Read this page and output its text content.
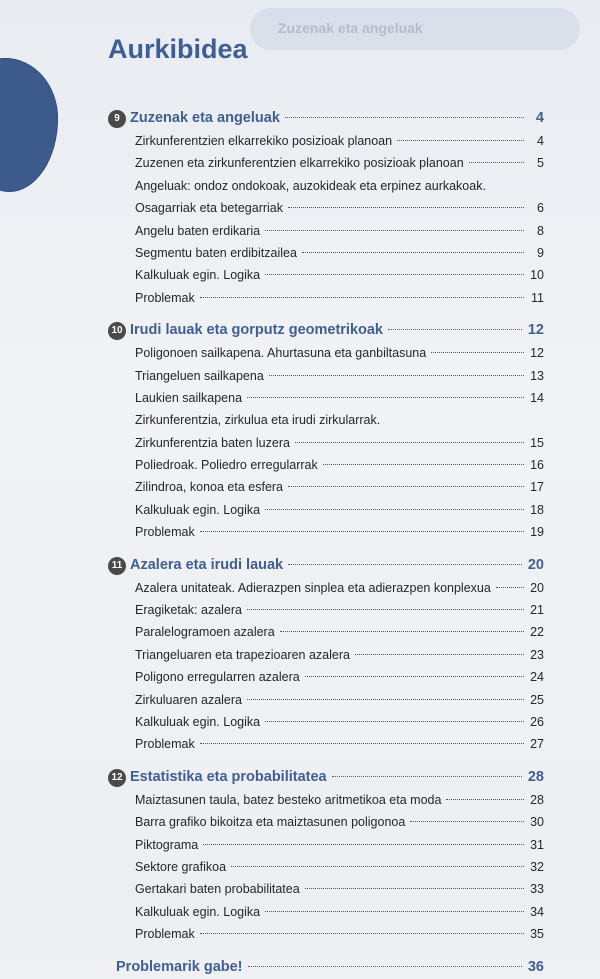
Zuzenak eta angeluak
Aurkibidea
9 Zuzenak eta angeluak	4
Zirkunferentzien elkarrekiko posizioak planoan	4
Zuzenen eta zirkunferentzien elkarrekiko posizioak planoan	5
Angeluak: ondoz ondokoak, auzokideak eta erpinez aurkakoak.
Osagarriak eta betegarriak	6
Angelu baten erdikaria	8
Segmentu baten erdibitzailea	9
Kalkuluak egin. Logika	10
Problemak	11
10 Irudi lauak eta gorputz geometrikoak	12
Poligonoen sailkapena. Ahurtasuna eta ganbiltasuna	12
Triangeluen sailkapena	13
Laukien sailkapena	14
Zirkunferentzia, zirkulua eta irudi zirkularrak.
Zirkunferentzia baten luzera	15
Poliedroak. Poliedro erregularrak	16
Zilindroa, konoa eta esfera	17
Kalkuluak egin. Logika	18
Problemak	19
11 Azalera eta irudi lauak	20
Azalera unitateak. Adierazpen sinplea eta adierazpen konplexua	20
Eragiketak: azalera	21
Paralelogramoen azalera	22
Triangeluaren eta trapezioaren azalera	23
Poligono erregularren azalera	24
Zirkuluaren azalera	25
Kalkuluak egin. Logika	26
Problemak	27
12 Estatistika eta probabilitatea	28
Maiztasunen taula, batez besteko aritmetikoa eta moda	28
Barra grafiko bikoitza eta maiztasunen poligonoa	30
Piktograma	31
Sektore grafikoa	32
Gertakari baten probabilitatea	33
Kalkuluak egin. Logika	34
Problemak	35
Problemarik gabe!	36
